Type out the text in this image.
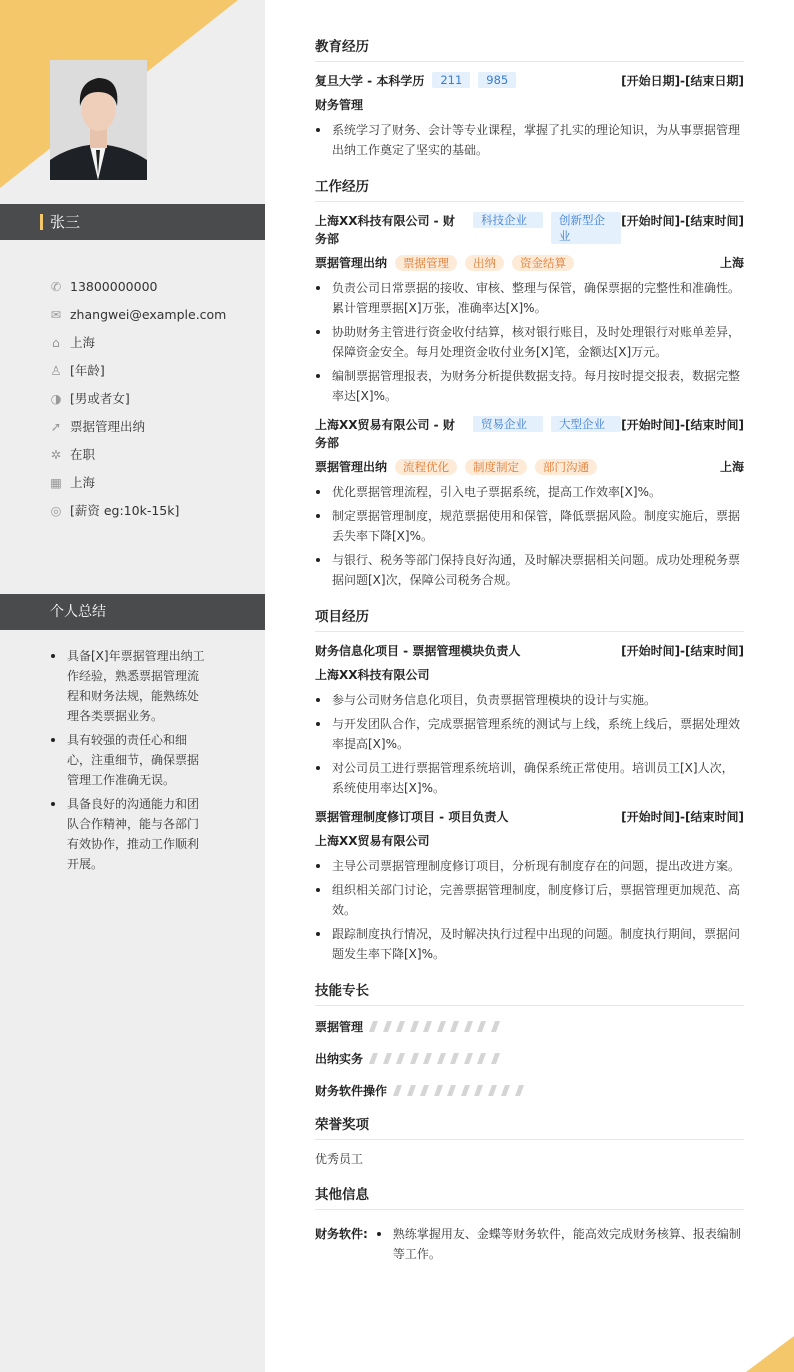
张三
✆ 13800000000
✉ zhangwei@example.com
⌂ 上海
♙ [年龄]
◑ [男或者女]
➚ 票据管理出纳
✲ 在职
▦ 上海
◎ [薪资 eg:10k-15k]
个人总结
具备[X]年票据管理出纳工作经验，熟悉票据管理流程和财务法规，能熟练处理各类票据业务。
具有较强的责任心和细心，注重细节，确保票据管理工作准确无误。
具备良好的沟通能力和团队合作精神，能与各部门有效协作，推动工作顺利开展。
教育经历
复旦大学 - 本科学历	211	985	[开始日期]-[结束日期]
财务管理
系统学习了财务、会计等专业课程，掌握了扎实的理论知识，为从事票据管理出纳工作奠定了坚实的基础。
工作经历
上海XX科技有限公司 - 财务部
科技企业	创新型企业
[开始时间]-[结束时间]
票据管理出纳 票据管理 出纳 资金结算	上海
负责公司日常票据的接收、审核、整理与保管，确保票据的完整性和准确性。累计管理票据[X]万张，准确率达[X]%。
协助财务主管进行资金收付结算，核对银行账目，及时处理银行对账单差异，保障资金安全。每月处理资金收付业务[X]笔，金额达[X]万元。
编制票据管理报表，为财务分析提供数据支持。每月按时提交报表，数据完整率达[X]%。
上海XX贸易有限公司 - 财务部
贸易企业	大型企业	[开始时间]-[结束时间]
票据管理出纳 流程优化 制度制定 部门沟通	上海
优化票据管理流程，引入电子票据系统，提高工作效率[X]%。
制定票据管理制度，规范票据使用和保管，降低票据风险。制度实施后，票据丢失率下降[X]%。
与银行、税务等部门保持良好沟通，及时解决票据相关问题。成功处理税务票据问题[X]次，保障公司税务合规。
项目经历
财务信息化项目 - 票据管理模块负责人	[开始时间]-[结束时间]
上海XX科技有限公司
参与公司财务信息化项目，负责票据管理模块的设计与实施。
与开发团队合作，完成票据管理系统的测试与上线，系统上线后，票据处理效率提高[X]%。
对公司员工进行票据管理系统培训，确保系统正常使用。培训员工[X]人次，系统使用率达[X]%。
票据管理制度修订项目 - 项目负责人	[开始时间]-[结束时间]
上海XX贸易有限公司
主导公司票据管理制度修订项目，分析现有制度存在的问题，提出改进方案。
组织相关部门讨论，完善票据管理制度，制度修订后，票据管理更加规范、高效。
跟踪制度执行情况，及时解决执行过程中出现的问题。制度执行期间，票据问题发生率下降[X]%。
技能专长
票据管理
出纳实务
财务软件操作
荣誉奖项
优秀员工
其他信息
财务软件:	熟练掌握用友、金蝶等财务软件，能高效完成财务核算、报表编制等工作。
